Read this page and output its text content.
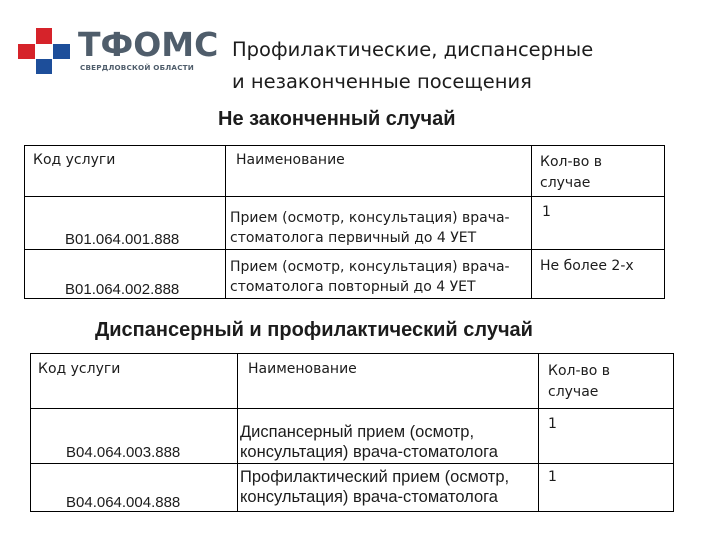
ТФОМС
СВЕРДЛОВСКОЙ ОБЛАСТИ
Профилактические, диспансерные
и незаконченные посещения
Не законченный случай
Код услуги	Наименование	Кол-во в
случае

В01.064.001.888	Прием (осмотр, консультация) врача-
стоматолога первичный до 4 УЕТ	1

В01.064.002.888	Прием (осмотр, консультация) врача-
стоматолога повторный до 4 УЕТ	Не более 2-х
Диспансерный и профилактический случай
Код услуги	Наименование	Кол-во в
случае

В04.064.003.888	Диспансерный прием (осмотр,
консультация) врача-стоматолога	1

В04.064.004.888	Профилактический прием (осмотр,
консультация) врача-стоматолога	1
